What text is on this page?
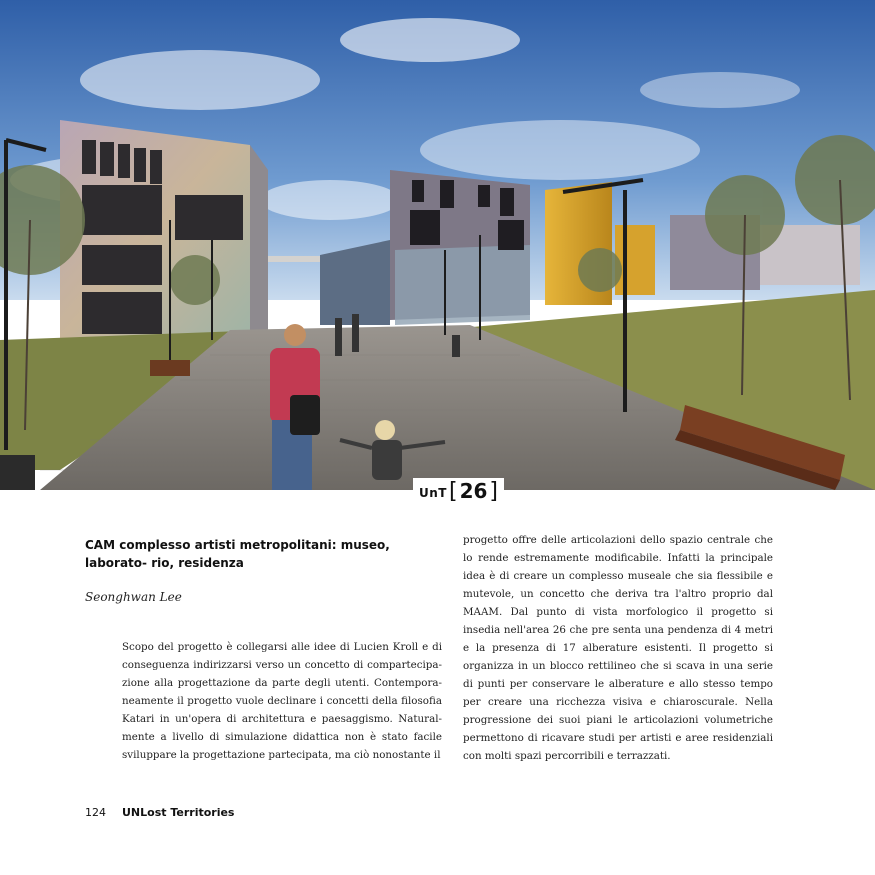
UnT [ 26 ]
CAM complesso artisti metropolitani: museo, laborato- rio, residenza
Seonghwan Lee

Scopo del progetto è collegarsi alle idee di Lucien Kroll e di conseguenza indirizzarsi verso un concetto di compartecipa- zione alla progettazione da parte degli utenti. Contempora- neamente il progetto vuole declinare i concetti della filosofia Katari in un'opera di architettura e paesaggismo. Natural- mente a livello di simulazione didattica non è stato facile sviluppare la progettazione partecipata, ma ciò nonostante il

progetto offre delle articolazioni dello spazio centrale che lo rende estremamente modificabile. Infatti la principale idea è di creare un complesso museale che sia flessibile e mutevole, un concetto che deriva tra l'altro proprio dal MAAM. Dal punto di vista morfologico il progetto si insedia nell'area 26 che pre senta una pendenza di 4 metri e la presenza di 17 alberature esistenti. Il progetto si organizza in un blocco rettilineo che si scava in una serie di punti per conservare le alberature e allo stesso tempo per creare una ricchezza visiva e chiaroscurale. Nella progressione dei suoi piani le articolazioni volumetriche permettono di ricavare studi per artisti e aree residenziali con molti spazi percorribili e terrazzati.

124 UNLost Territories
